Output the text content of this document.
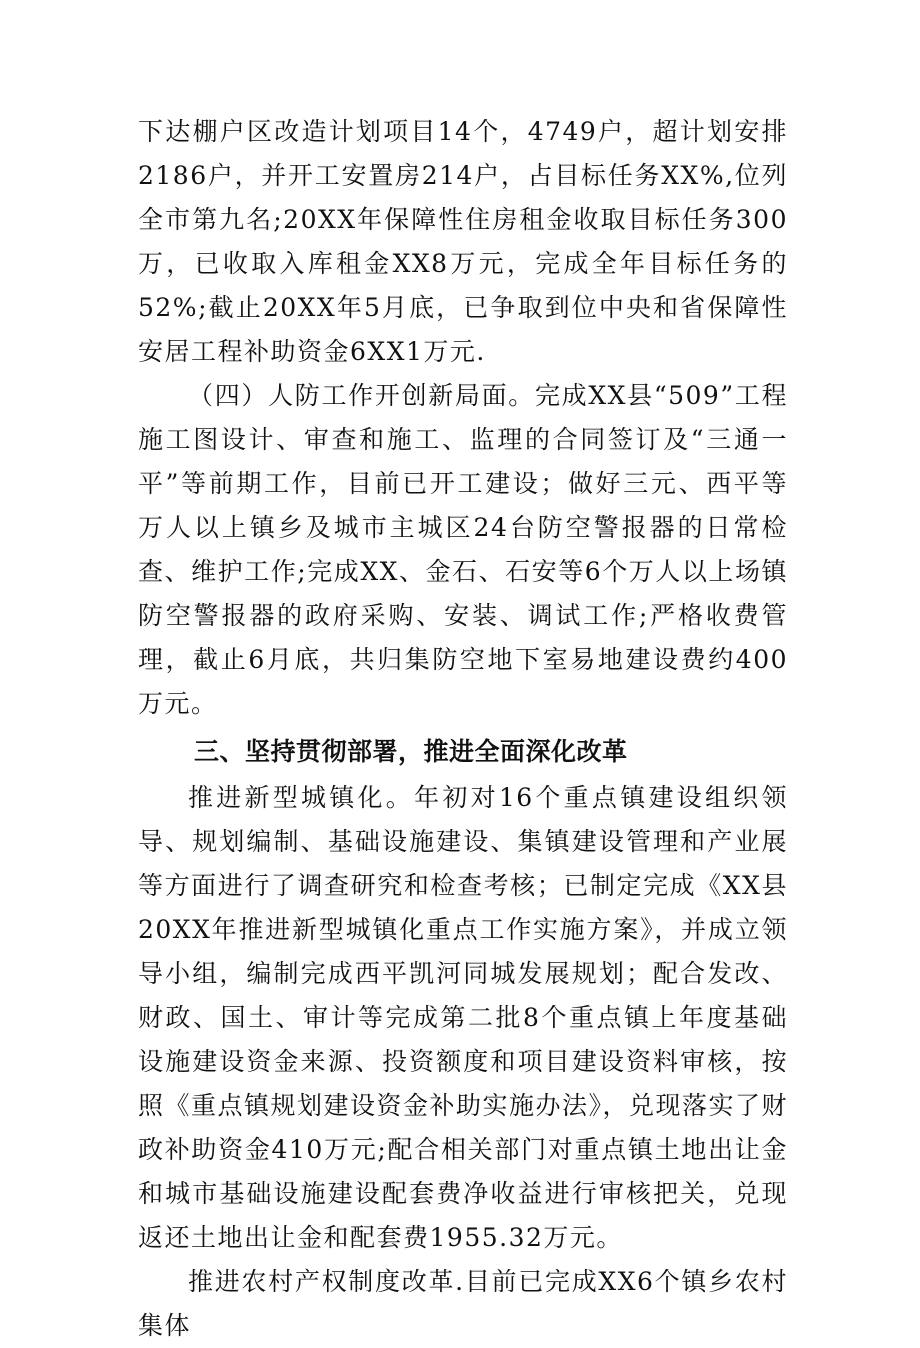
下达棚户区改造计划项目14个，4749户，超计划安排2186户，并开工安置房214户，占目标任务XX%,位列全市第九名;20XX年保障性住房租金收取目标任务300万，已收取入库租金XX8万元，完成全年目标任务的52%;截止20XX年5月底，已争取到位中央和省保障性安居工程补助资金6XX1万元.

（四）人防工作开创新局面。完成XX县“509”工程施工图设计、审查和施工、监理的合同签订及“三通一平”等前期工作，目前已开工建设；做好三元、西平等万人以上镇乡及城市主城区24台防空警报器的日常检查、维护工作;完成XX、金石、石安等6个万人以上场镇防空警报器的政府采购、安装、调试工作;严格收费管理，截止6月底，共归集防空地下室易地建设费约400万元。

三、坚持贯彻部署，推进全面深化改革

推进新型城镇化。年初对16个重点镇建设组织领导、规划编制、基础设施建设、集镇建设管理和产业展等方面进行了调查研究和检查考核；已制定完成《XX县20XX年推进新型城镇化重点工作实施方案》，并成立领导小组，编制完成西平凯河同城发展规划；配合发改、财政、国土、审计等完成第二批8个重点镇上年度基础设施建设资金来源、投资额度和项目建设资料审核，按照《重点镇规划建设资金补助实施办法》，兑现落实了财政补助资金410万元;配合相关部门对重点镇土地出让金和城市基础设施建设配套费净收益进行审核把关，兑现返还土地出让金和配套费1955.32万元。

推进农村产权制度改革.目前已完成XX6个镇乡农村集体
